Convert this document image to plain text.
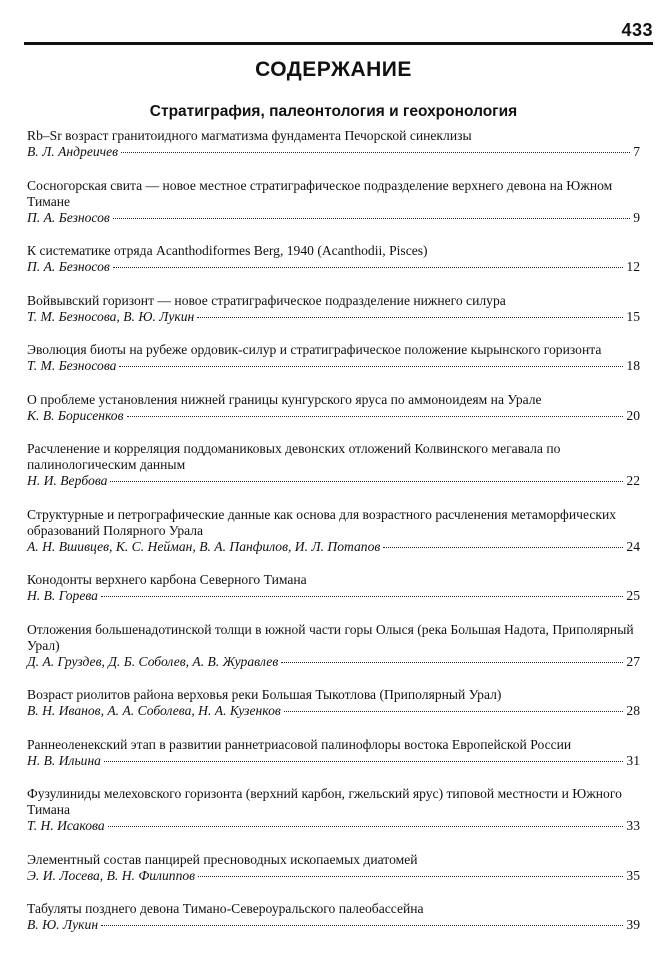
433
СОДЕРЖАНИЕ
Стратиграфия, палеонтология и геохронология
Rb–Sr возраст гранитоидного магматизма фундамента Печорской синеклизы
В. Л. Андреичев	7
Сосногорская свита — новое местное стратиграфическое подразделение верхнего девона на Южном Тимане
П. А. Безносов	9
К систематике отряда Acanthodiformes Berg, 1940 (Acanthodii, Pisces)
П. А. Безносов	12
Войвывский горизонт — новое стратиграфическое подразделение нижнего силура
Т. М. Безносова, В. Ю. Лукин	15
Эволюция биоты на рубеже ордовик-силур и стратиграфическое положение кырынского горизонта
Т. М. Безносова	18
О проблеме установления нижней границы кунгурского яруса по аммоноидеям на Урале
К. В. Борисенков	20
Расчленение и корреляция поддоманиковых девонских отложений Колвинского мегавала по палинологическим данным
Н. И. Вербова	22
Структурные и петрографические данные как основа для возрастного расчленения метаморфических образований Полярного Урала
А. Н. Вшивцев, К. С. Нейман, В. А. Панфилов, И. Л. Потапов	24
Конодонты верхнего карбона Северного Тимана
Н. В. Горева	25
Отложения большенадотинской толщи в южной части горы Олыся (река Большая Надота, Приполярный Урал)
Д. А. Груздев, Д. Б. Соболев, А. В. Журавлев	27
Возраст риолитов района верховья реки Большая Тыкотлова (Приполярный Урал)
В. Н. Иванов, А. А. Соболева, Н. А. Кузенков	28
Раннеоленекский этап в развитии раннетриасовой палинофлоры востока Европейской России
Н. В. Ильина	31
Фузулиниды мелеховского горизонта (верхний карбон, гжельский ярус) типовой местности и Южного Тимана
Т. Н. Исакова	33
Элементный состав панцирей пресноводных ископаемых диатомей
Э. И. Лосева, В. Н. Филиппов	35
Табуляты позднего девона Тимано-Североуральского палеобассейна
В. Ю. Лукин	39
